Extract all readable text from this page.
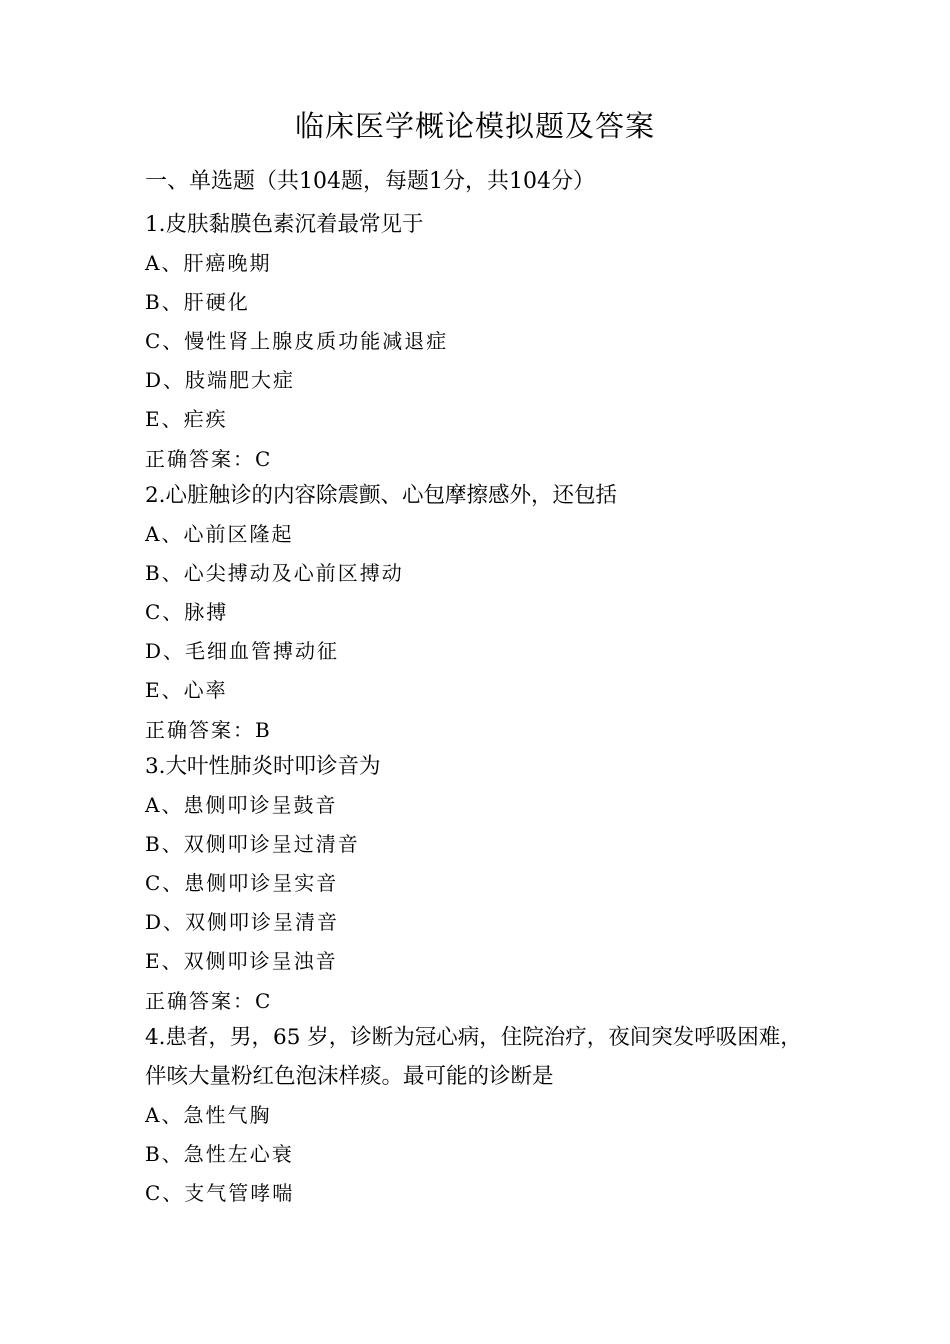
临床医学概论模拟题及答案
一、单选题（共104题，每题1分，共104分）
1.皮肤黏膜色素沉着最常见于
A、肝癌晚期
B、肝硬化
C、慢性肾上腺皮质功能减退症
D、肢端肥大症
E、疟疾
正确答案：C
2.心脏触诊的内容除震颤、心包摩擦感外，还包括
A、心前区隆起
B、心尖搏动及心前区搏动
C、脉搏
D、毛细血管搏动征
E、心率
正确答案：B
3.大叶性肺炎时叩诊音为
A、患侧叩诊呈鼓音
B、双侧叩诊呈过清音
C、患侧叩诊呈实音
D、双侧叩诊呈清音
E、双侧叩诊呈浊音
正确答案：C
4.患者，男，65 岁，诊断为冠心病，住院治疗，夜间突发呼吸困难，
伴咳大量粉红色泡沫样痰。最可能的诊断是
A、急性气胸
B、急性左心衰
C、支气管哮喘
